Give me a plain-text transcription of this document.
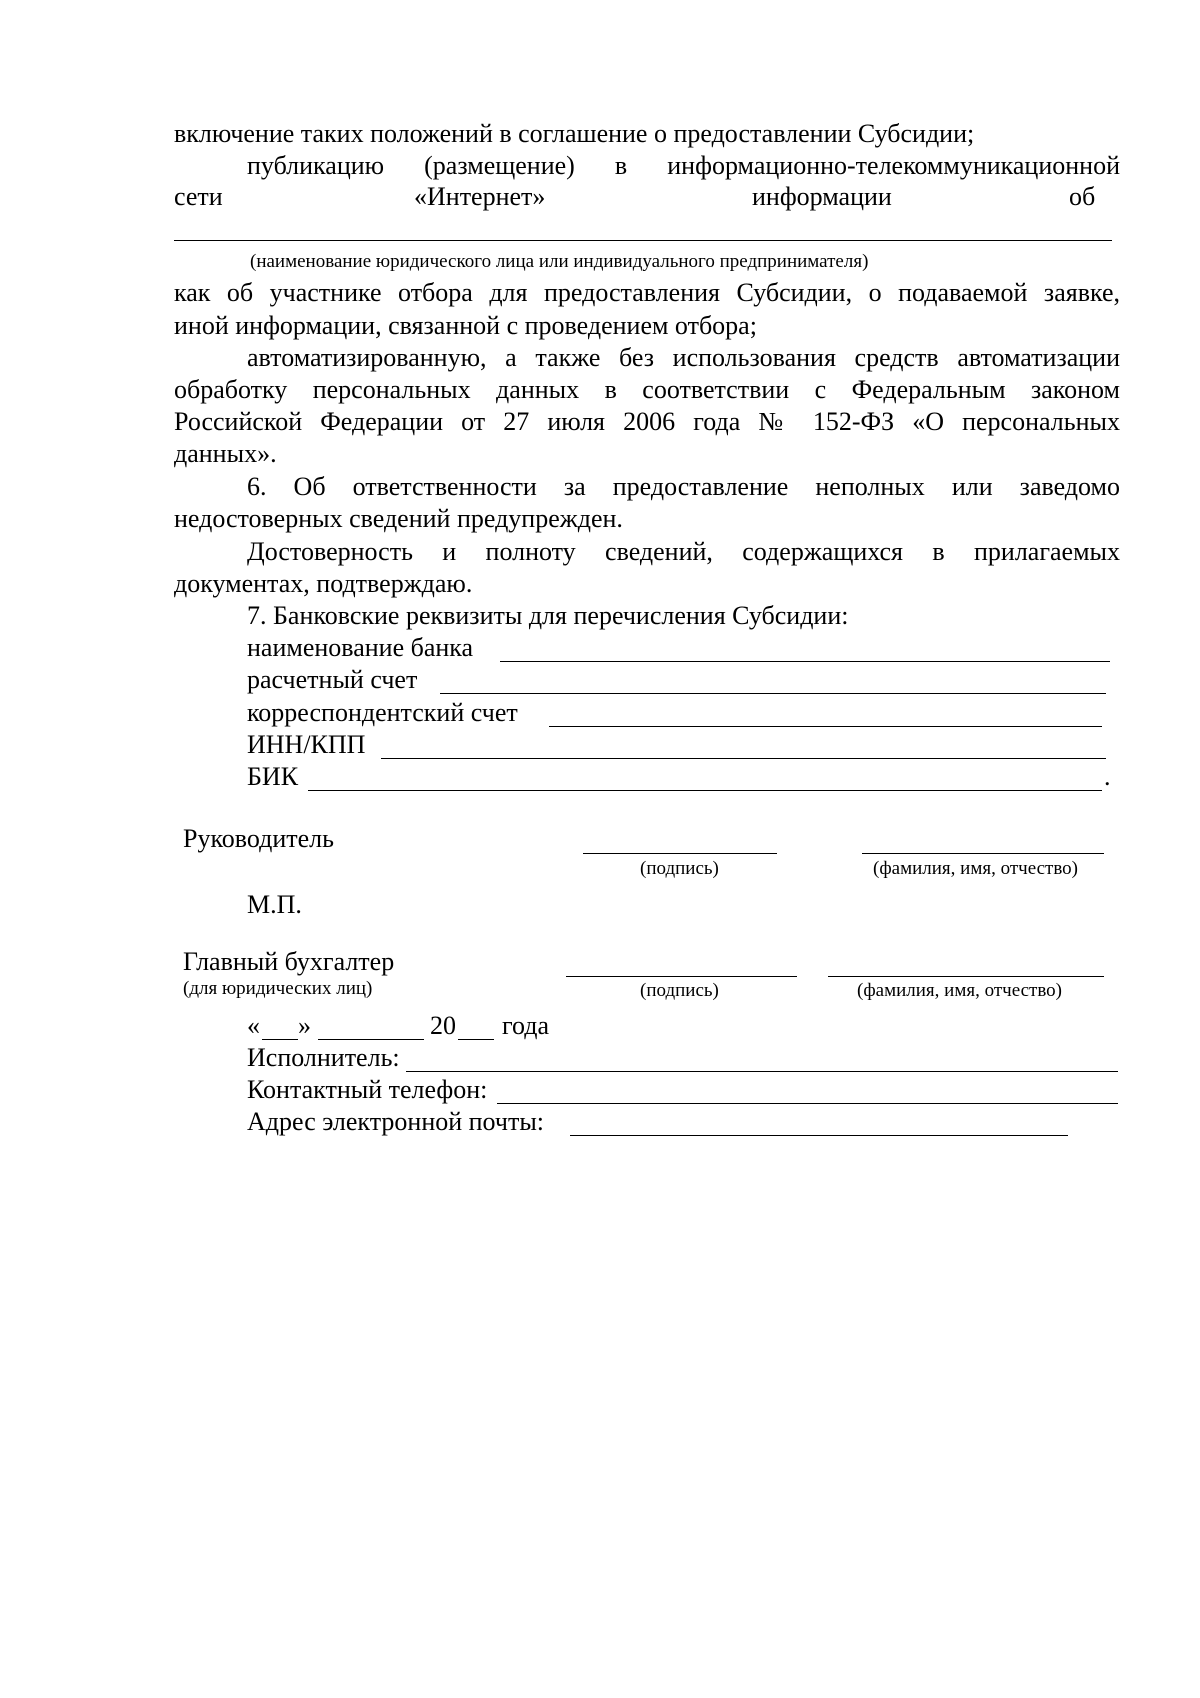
включение таких положений в соглашение о предоставлении Субсидии;
публикацию (размещение) в информационно-телекоммуникационной
сети	«Интернет»	информации	об
(наименование юридического лица или индивидуального предпринимателя)
как об участнике отбора для предоставления Субсидии, о подаваемой заявке,
иной информации, связанной с проведением отбора;
автоматизированную, а также без использования средств автоматизации
обработку персональных данных в соответствии с Федеральным законом
Российской Федерации от 27 июля 2006 года № 152-ФЗ «О персональных
данных».
6. Об ответственности за предоставление неполных или заведомо
недостоверных сведений предупрежден.
Достоверность и полноту сведений, содержащихся в прилагаемых
документах, подтверждаю.
7. Банковские реквизиты для перечисления Субсидии:
наименование банка
расчетный счет
корреспондентский счет
ИНН/КПП
БИК	.
Руководитель
(подпись)	(фамилия, имя, отчество)
М.П.
Главный бухгалтер
(для юридических лиц)	(подпись)	(фамилия, имя, отчество)
« »	20 года
Исполнитель:
Контактный телефон:
Адрес электронной почты:
